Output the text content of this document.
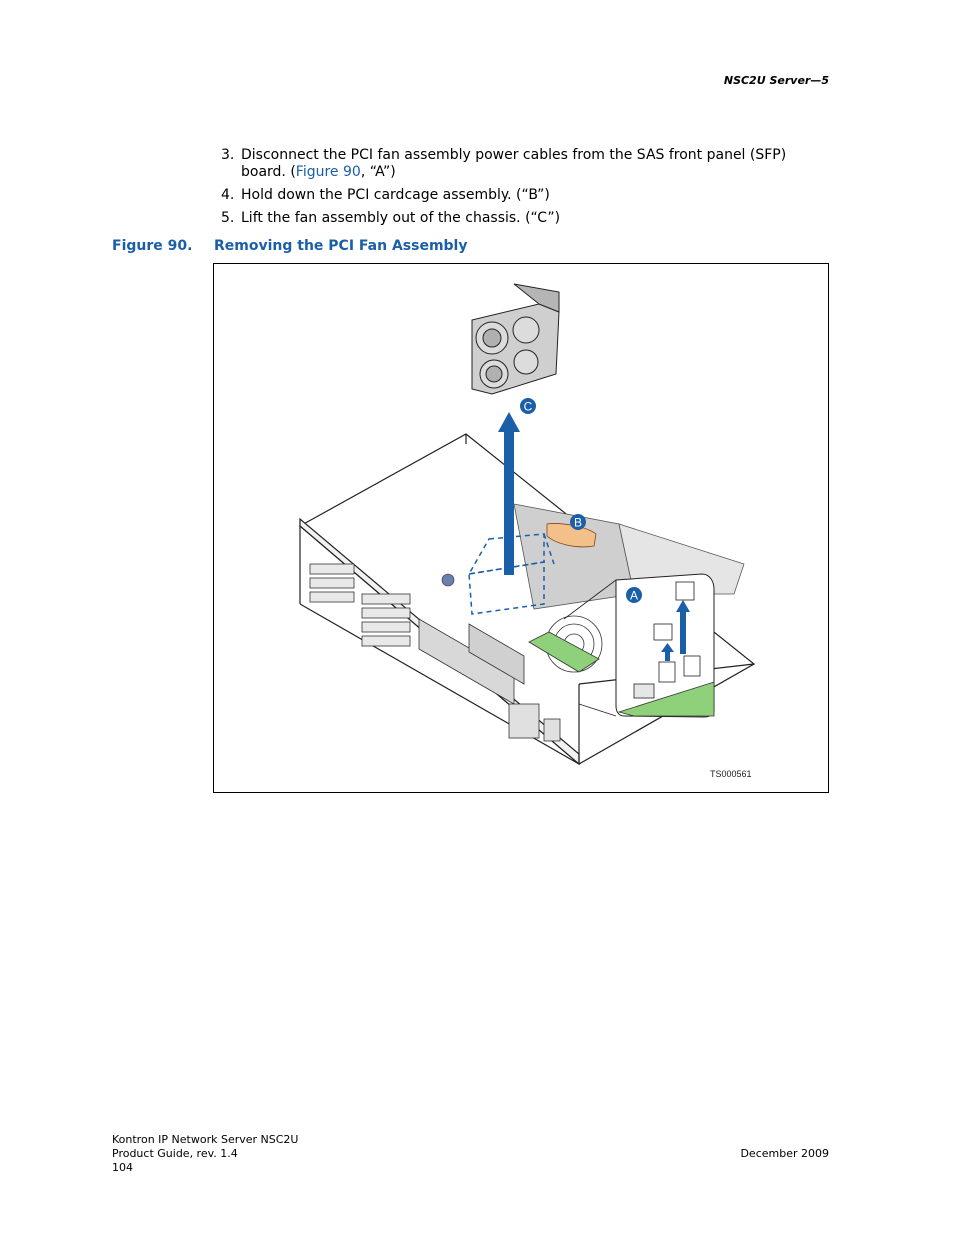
NSC2U Server—5
3. Disconnect the PCI fan assembly power cables from the SAS front panel (SFP) board. (Figure 90, “A”)
4. Hold down the PCI cardcage assembly. (“B”)
5. Lift the fan assembly out of the chassis. (“C”)
Figure 90. Removing the PCI Fan Assembly
A
B
C
TS000561
Kontron IP Network Server NSC2U
Product Guide, rev. 1.4
104
December 2009
